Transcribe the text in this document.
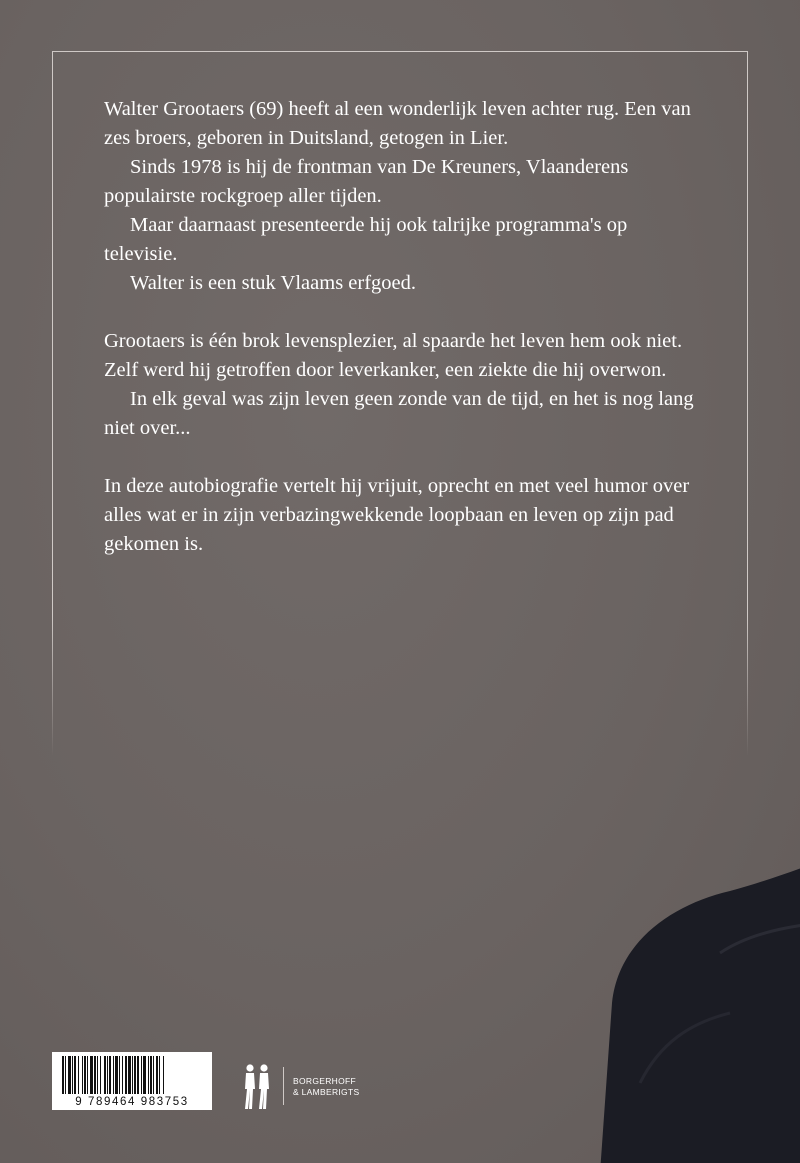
Walter Grootaers (69) heeft al een wonderlijk leven achter rug. Een van zes broers, geboren in Duitsland, getogen in Lier.

Sinds 1978 is hij de frontman van De Kreuners, Vlaanderens populairste rockgroep aller tijden.

Maar daarnaast presenteerde hij ook talrijke programma's op televisie.

Walter is een stuk Vlaams erfgoed.

Grootaers is één brok levensplezier, al spaarde het leven hem ook niet. Zelf werd hij getroffen door leverkanker, een ziekte die hij overwon.

In elk geval was zijn leven geen zonde van de tijd, en het is nog lang niet over...

In deze autobiografie vertelt hij vrijuit, oprecht en met veel humor over alles wat er in zijn verbazingwekkende loopbaan en leven op zijn pad gekomen is.

9 789464 983753
BORGERHOFF
& LAMBERIGTS
